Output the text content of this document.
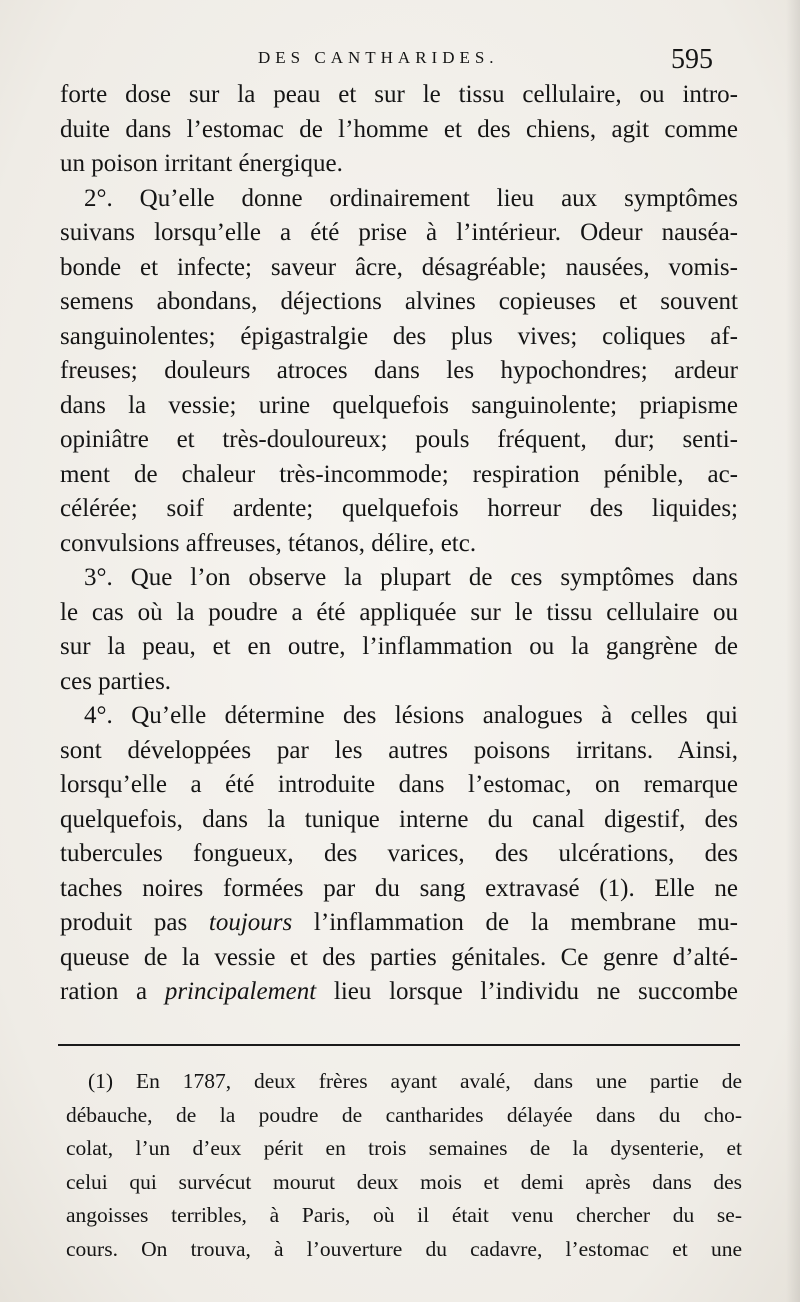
DES CANTHARIDES.	595
forte dose sur la peau et sur le tissu cellulaire, ou intro-
duite dans l’estomac de l’homme et des chiens, agit comme
un poison irritant énergique.
2°. Qu’elle donne ordinairement lieu aux symptômes
suivans lorsqu’elle a été prise à l’intérieur. Odeur nauséa-
bonde et infecte; saveur âcre, désagréable; nausées, vomis-
semens abondans, déjections alvines copieuses et souvent
sanguinolentes; épigastralgie des plus vives; coliques af-
freuses; douleurs atroces dans les hypochondres; ardeur
dans la vessie; urine quelquefois sanguinolente; priapisme
opiniâtre et très-douloureux; pouls fréquent, dur; senti-
ment de chaleur très-incommode; respiration pénible, ac-
célérée; soif ardente; quelquefois horreur des liquides;
convulsions affreuses, tétanos, délire, etc.
3°. Que l’on observe la plupart de ces symptômes dans
le cas où la poudre a été appliquée sur le tissu cellulaire ou
sur la peau, et en outre, l’inflammation ou la gangrène de
ces parties.
4°. Qu’elle détermine des lésions analogues à celles qui
sont développées par les autres poisons irritans. Ainsi,
lorsqu’elle a été introduite dans l’estomac, on remarque
quelquefois, dans la tunique interne du canal digestif, des
tubercules fongueux, des varices, des ulcérations, des
taches noires formées par du sang extravasé (1). Elle ne
produit pas toujours l’inflammation de la membrane mu-
queuse de la vessie et des parties génitales. Ce genre d’alté-
ration a principalement lieu lorsque l’individu ne succombe
(1) En 1787, deux frères ayant avalé, dans une partie de
débauche, de la poudre de cantharides délayée dans du cho-
colat, l’un d’eux périt en trois semaines de la dysenterie, et
celui qui survécut mourut deux mois et demi après dans des
angoisses terribles, à Paris, où il était venu chercher du se-
cours. On trouva, à l’ouverture du cadavre, l’estomac et une
